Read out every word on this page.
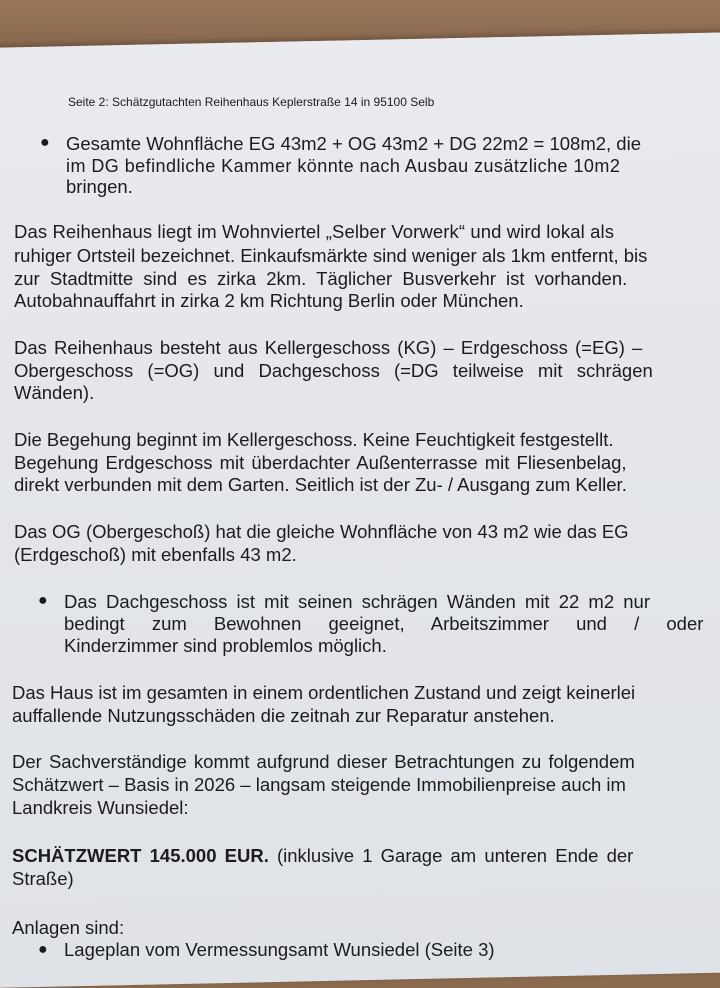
Seite 2: Schätzgutachten Reihenhaus Keplerstraße 14 in 95100 Selb
● Gesamte Wohnfläche EG 43m2 + OG 43m2 + DG 22m2 = 108m2, die
im DG befindliche Kammer könnte nach Ausbau zusätzliche 10m2
bringen.
Das Reihenhaus liegt im Wohnviertel „Selber Vorwerk“ und wird lokal als
ruhiger Ortsteil bezeichnet. Einkaufsmärkte sind weniger als 1km entfernt, bis
zur Stadtmitte sind es zirka 2km. Täglicher Busverkehr ist vorhanden.
Autobahnauffahrt in zirka 2 km Richtung Berlin oder München.
Das Reihenhaus besteht aus Kellergeschoss (KG) – Erdgeschoss (=EG) –
Obergeschoss (=OG) und Dachgeschoss (=DG teilweise mit schrägen
Wänden).
Die Begehung beginnt im Kellergeschoss. Keine Feuchtigkeit festgestellt.
Begehung Erdgeschoss mit überdachter Außenterrasse mit Fliesenbelag,
direkt verbunden mit dem Garten. Seitlich ist der Zu- / Ausgang zum Keller.
Das OG (Obergeschoß) hat die gleiche Wohnfläche von 43 m2 wie das EG
(Erdgeschoß) mit ebenfalls 43 m2.
● Das Dachgeschoss ist mit seinen schrägen Wänden mit 22 m2 nur
bedingt zum Bewohnen geeignet, Arbeitszimmer und / oder
Kinderzimmer sind problemlos möglich.
Das Haus ist im gesamten in einem ordentlichen Zustand und zeigt keinerlei
auffallende Nutzungsschäden die zeitnah zur Reparatur anstehen.
Der Sachverständige kommt aufgrund dieser Betrachtungen zu folgendem
Schätzwert – Basis in 2026 – langsam steigende Immobilienpreise auch im
Landkreis Wunsiedel:
SCHÄTZWERT 145.000 EUR. (inklusive 1 Garage am unteren Ende der
Straße)
Anlagen sind:
● Lageplan vom Vermessungsamt Wunsiedel (Seite 3)
